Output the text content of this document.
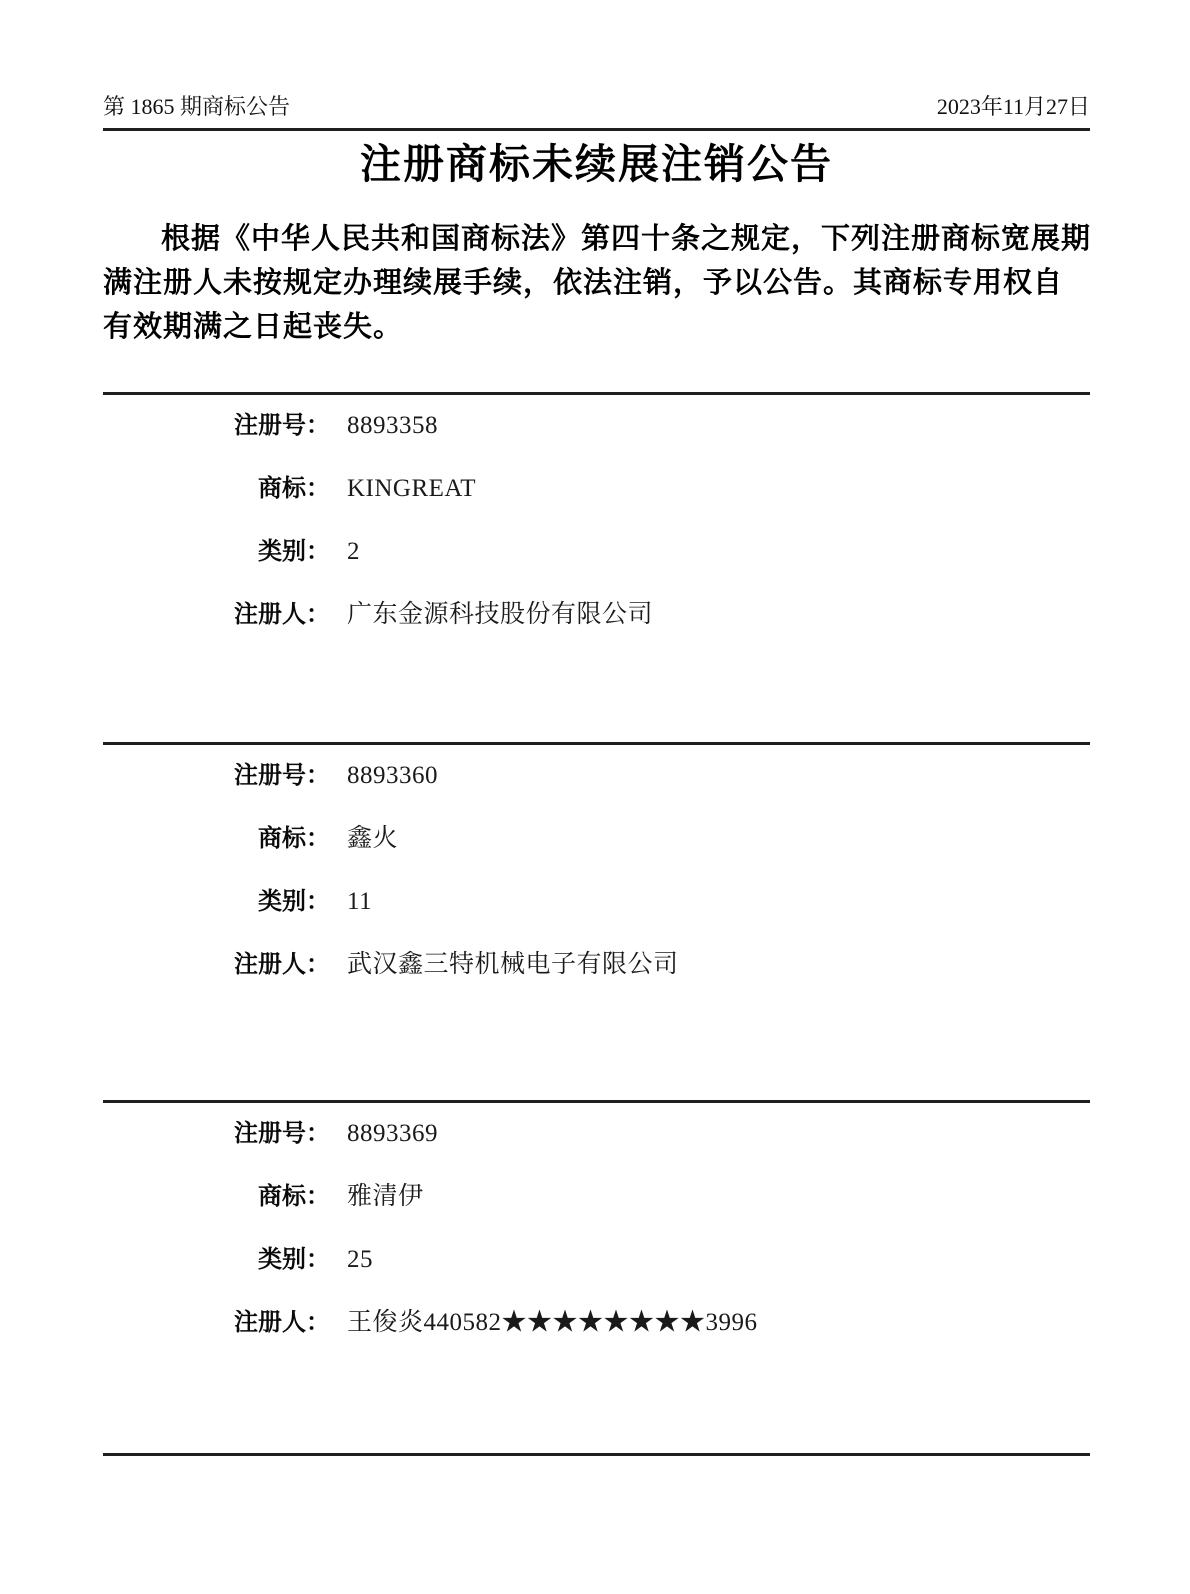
第 1865 期商标公告	2023年11月27日
注册商标未续展注销公告
根据《中华人民共和国商标法》第四十条之规定，下列注册商标宽展期
满注册人未按规定办理续展手续，依法注销，予以公告。其商标专用权自
有效期满之日起丧失。
注册号： 8893358
商标： KINGREAT
类别： 2
注册人： 广东金源科技股份有限公司
注册号： 8893360
商标： 鑫火
类别： 11
注册人： 武汉鑫三特机械电子有限公司
注册号： 8893369
商标： 雅清伊
类别： 25
注册人： 王俊炎440582★★★★★★★★3996
